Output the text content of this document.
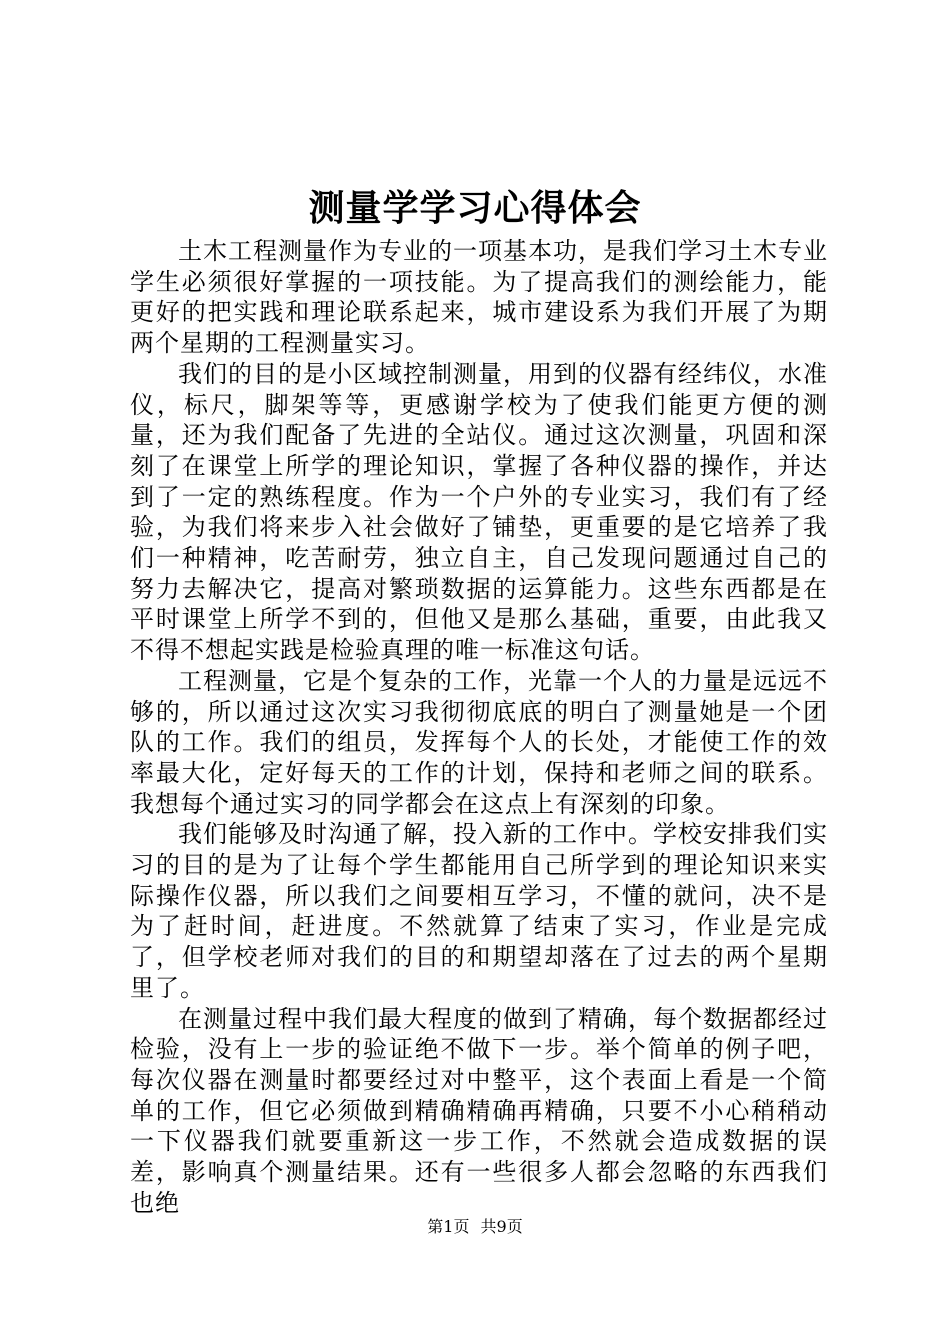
测量学学习心得体会

土木工程测量作为专业的一项基本功，是我们学习土木专业学生必须很好掌握的一项技能。为了提高我们的测绘能力，能更好的把实践和理论联系起来，城市建设系为我们开展了为期两个星期的工程测量实习。

我们的目的是小区域控制测量，用到的仪器有经纬仪，水准仪，标尺，脚架等等，更感谢学校为了使我们能更方便的测量，还为我们配备了先进的全站仪。通过这次测量，巩固和深刻了在课堂上所学的理论知识，掌握了各种仪器的操作，并达到了一定的熟练程度。作为一个户外的专业实习，我们有了经验，为我们将来步入社会做好了铺垫，更重要的是它培养了我们一种精神，吃苦耐劳，独立自主，自己发现问题通过自己的努力去解决它，提高对繁琐数据的运算能力。这些东西都是在平时课堂上所学不到的，但他又是那么基础，重要，由此我又不得不想起实践是检验真理的唯一标准这句话。

工程测量，它是个复杂的工作，光靠一个人的力量是远远不够的，所以通过这次实习我彻彻底底的明白了测量她是一个团队的工作。我们的组员，发挥每个人的长处，才能使工作的效率最大化，定好每天的工作的计划，保持和老师之间的联系。我想每个通过实习的同学都会在这点上有深刻的印象。

我们能够及时沟通了解，投入新的工作中。学校安排我们实习的目的是为了让每个学生都能用自己所学到的理论知识来实际操作仪器，所以我们之间要相互学习，不懂的就问，决不是为了赶时间，赶进度。不然就算了结束了实习，作业是完成了，但学校老师对我们的目的和期望却落在了过去的两个星期里了。

在测量过程中我们最大程度的做到了精确，每个数据都经过检验，没有上一步的验证绝不做下一步。举个简单的例子吧，每次仪器在测量时都要经过对中整平，这个表面上看是一个简单的工作，但它必须做到精确精确再精确，只要不小心稍稍动一下仪器我们就要重新这一步工作，不然就会造成数据的误差，影响真个测量结果。还有一些很多人都会忽略的东西我们也绝

第1页 共9页
